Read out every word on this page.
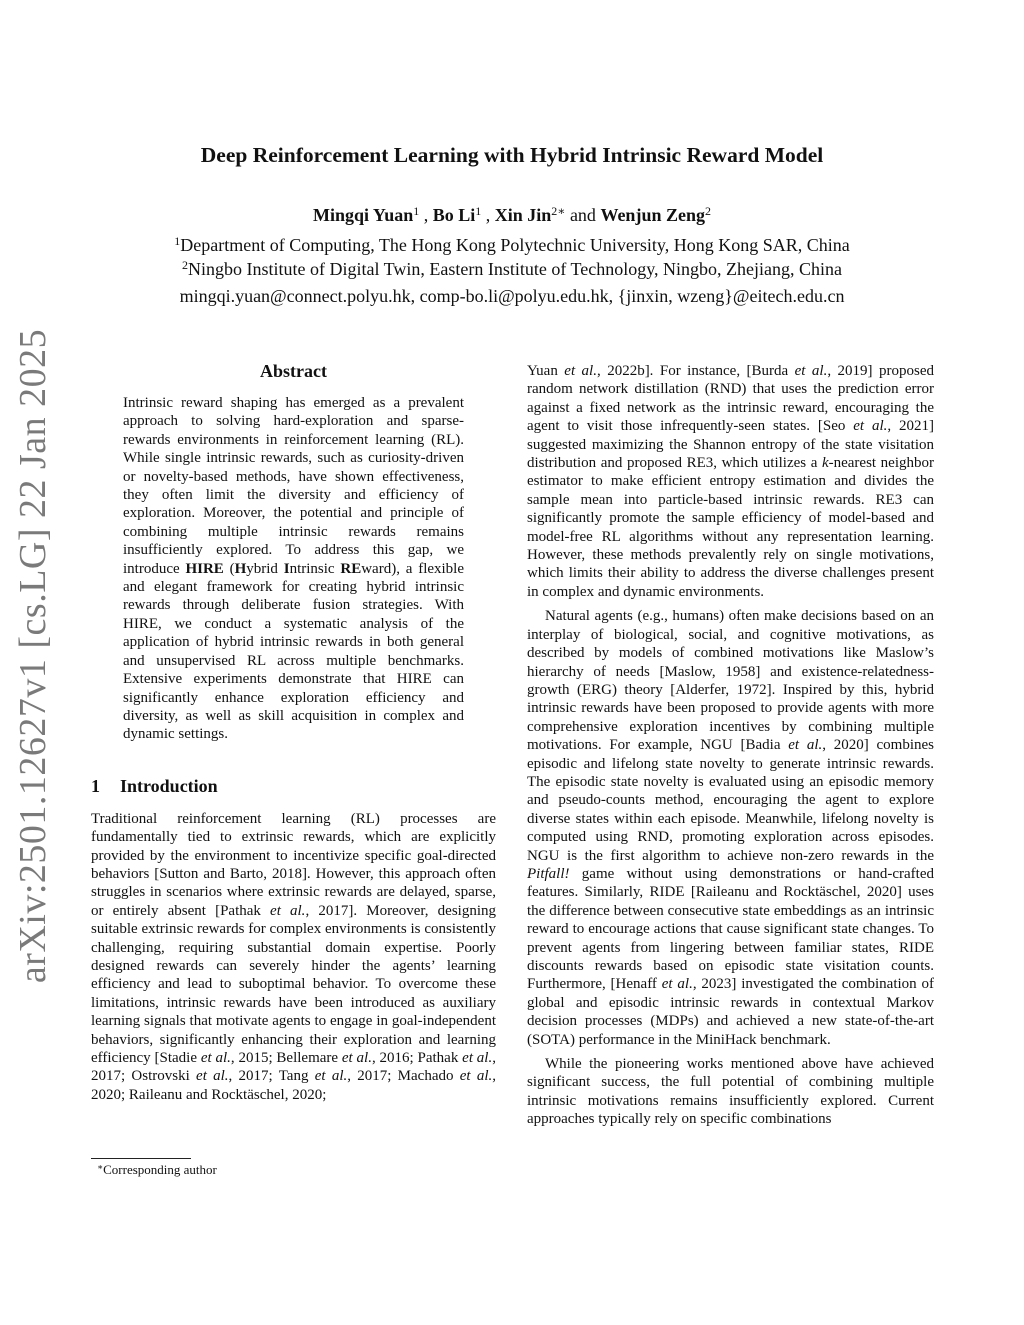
arXiv:2501.12627v1 [cs.LG] 22 Jan 2025
Deep Reinforcement Learning with Hybrid Intrinsic Reward Model
Mingqi Yuan$^1$ , Bo Li$^1$ , Xin Jin$^{2∗}$ and Wenjun Zeng$^2$
$^1$Department of Computing, The Hong Kong Polytechnic University, Hong Kong SAR, China
$^2$Ningbo Institute of Digital Twin, Eastern Institute of Technology, Ningbo, Zhejiang, China
mingqi.yuan@connect.polyu.hk, comp-bo.li@polyu.edu.hk, {jinxin, wzeng}@eitech.edu.cn
Abstract

Intrinsic reward shaping has emerged as a prevalent approach to solving hard-exploration and sparse-rewards environments in reinforcement learning (RL). While single intrinsic rewards, such as curiosity-driven or novelty-based methods, have shown effectiveness, they often limit the diversity and efficiency of exploration. Moreover, the potential and principle of combining multiple intrinsic rewards remains insufficiently explored. To address this gap, we introduce HIRE (Hybrid Intrinsic REward), a flexible and elegant framework for creating hybrid intrinsic rewards through deliberate fusion strategies. With HIRE, we conduct a systematic analysis of the application of hybrid intrinsic rewards in both general and unsupervised RL across multiple benchmarks. Extensive experiments demonstrate that HIRE can significantly enhance exploration efficiency and diversity, as well as skill acquisition in complex and dynamic settings.

1 Introduction

Traditional reinforcement learning (RL) processes are fundamentally tied to extrinsic rewards, which are explicitly provided by the environment to incentivize specific goal-directed behaviors [Sutton and Barto, 2018]. However, this approach often struggles in scenarios where extrinsic rewards are delayed, sparse, or entirely absent [Pathak et al., 2017]. Moreover, designing suitable extrinsic rewards for complex environments is consistently challenging, requiring substantial domain expertise. Poorly designed rewards can severely hinder the agents’ learning efficiency and lead to suboptimal behavior. To overcome these limitations, intrinsic rewards have been introduced as auxiliary learning signals that motivate agents to engage in goal-independent behaviors, significantly enhancing their exploration and learning efficiency [Stadie et al., 2015; Bellemare et al., 2016; Pathak et al., 2017; Ostrovski et al., 2017; Tang et al., 2017; Machado et al., 2020; Raileanu and Rocktäschel, 2020;

Yuan et al., 2022b]. For instance, [Burda et al., 2019] proposed random network distillation (RND) that uses the prediction error against a fixed network as the intrinsic reward, encouraging the agent to visit those infrequently-seen states. [Seo et al., 2021] suggested maximizing the Shannon entropy of the state visitation distribution and proposed RE3, which utilizes a k-nearest neighbor estimator to make efficient entropy estimation and divides the sample mean into particle-based intrinsic rewards. RE3 can significantly promote the sample efficiency of model-based and model-free RL algorithms without any representation learning. However, these methods prevalently rely on single motivations, which limits their ability to address the diverse challenges present in complex and dynamic environments.

Natural agents (e.g., humans) often make decisions based on an interplay of biological, social, and cognitive motivations, as described by models of combined motivations like Maslow’s hierarchy of needs [Maslow, 1958] and existence-relatedness-growth (ERG) theory [Alderfer, 1972]. Inspired by this, hybrid intrinsic rewards have been proposed to provide agents with more comprehensive exploration incentives by combining multiple motivations. For example, NGU [Badia et al., 2020] combines episodic and lifelong state novelty to generate intrinsic rewards. The episodic state novelty is evaluated using an episodic memory and pseudo-counts method, encouraging the agent to explore diverse states within each episode. Meanwhile, lifelong novelty is computed using RND, promoting exploration across episodes. NGU is the first algorithm to achieve non-zero rewards in the Pitfall! game without using demonstrations or hand-crafted features. Similarly, RIDE [Raileanu and Rocktäschel, 2020] uses the difference between consecutive state embeddings as an intrinsic reward to encourage actions that cause significant state changes. To prevent agents from lingering between familiar states, RIDE discounts rewards based on episodic state visitation counts. Furthermore, [Henaff et al., 2023] investigated the combination of global and episodic intrinsic rewards in contextual Markov decision processes (MDPs) and achieved a new state-of-the-art (SOTA) performance in the MiniHack benchmark.

While the pioneering works mentioned above have achieved significant success, the full potential of combining multiple intrinsic motivations remains insufficiently explored. Current approaches typically rely on specific combinations

∗Corresponding author
